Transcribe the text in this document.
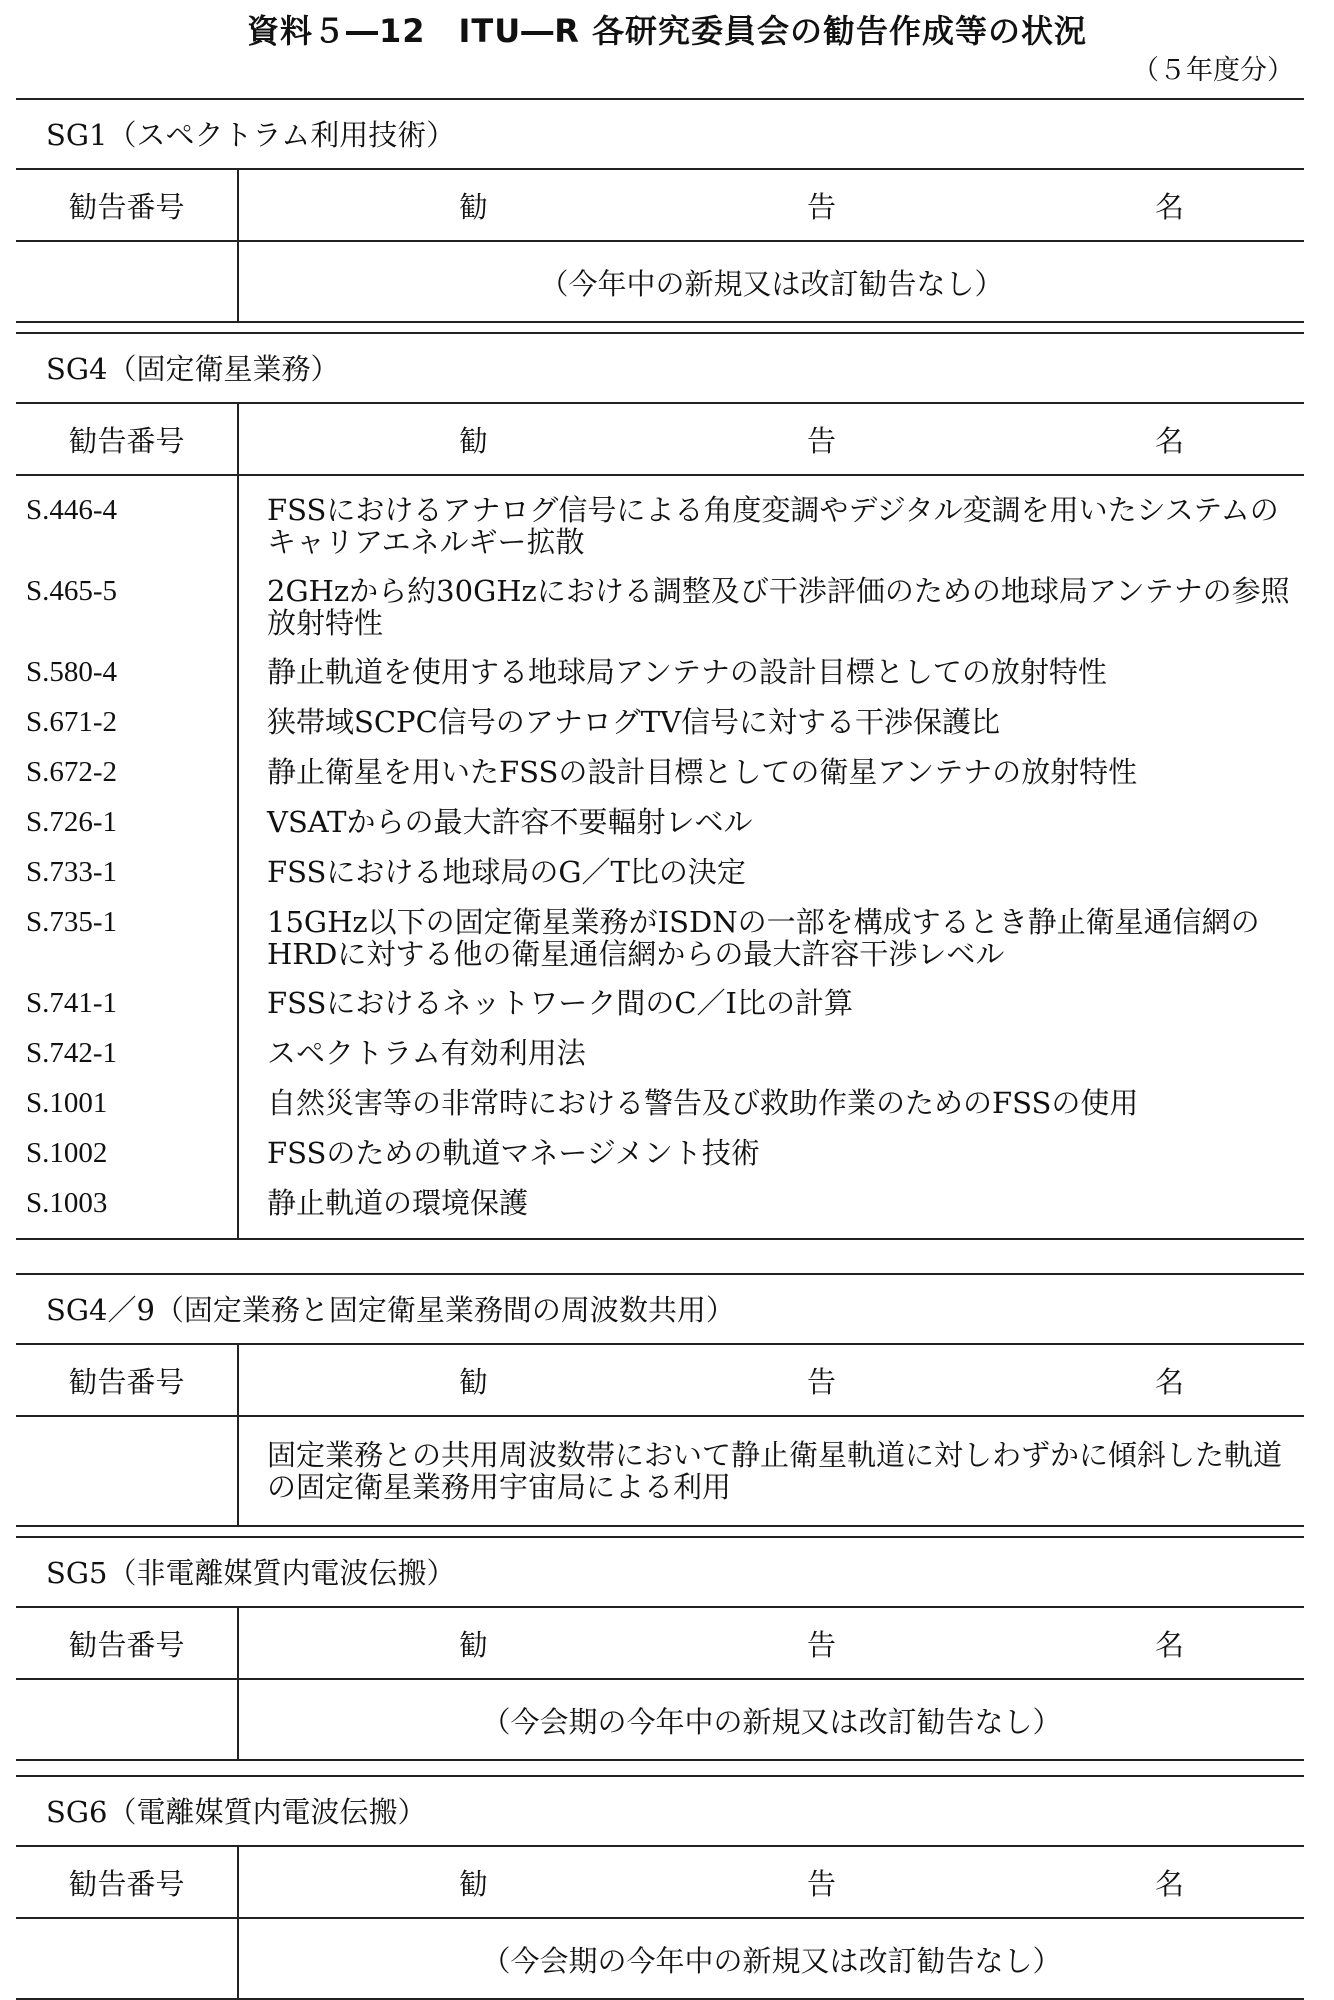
資料５―12　ITU―R 各研究委員会の勧告作成等の状況
（５年度分）
SG1（スペクトラム利用技術）
勧告番号	勧 告 名

	（今年中の新規又は改訂勧告なし）
SG4（固定衛星業務）
勧告番号	勧 告 名

S.446-4	FSSにおけるアナログ信号による角度変調やデジタル変調を用いたシステムのキャリアエネルギー拡散
S.465-5	2GHzから約30GHzにおける調整及び干渉評価のための地球局アンテナの参照放射特性
S.580-4	静止軌道を使用する地球局アンテナの設計目標としての放射特性
S.671-2	狭帯域SCPC信号のアナログTV信号に対する干渉保護比
S.672-2	静止衛星を用いたFSSの設計目標としての衛星アンテナの放射特性
S.726-1	VSATからの最大許容不要輻射レベル
S.733-1	FSSにおける地球局のG／T比の決定
S.735-1	15GHz以下の固定衛星業務がISDNの一部を構成するとき静止衛星通信網のHRDに対する他の衛星通信網からの最大許容干渉レベル
S.741-1	FSSにおけるネットワーク間のC／I比の計算
S.742-1	スペクトラム有効利用法
S.1001	自然災害等の非常時における警告及び救助作業のためのFSSの使用
S.1002	FSSのための軌道マネージメント技術
S.1003	静止軌道の環境保護
SG4／9（固定業務と固定衛星業務間の周波数共用）
勧告番号	勧 告 名

	固定業務との共用周波数帯において静止衛星軌道に対しわずかに傾斜した軌道の固定衛星業務用宇宙局による利用
SG5（非電離媒質内電波伝搬）
勧告番号	勧 告 名

	（今会期の今年中の新規又は改訂勧告なし）
SG6（電離媒質内電波伝搬）
勧告番号	勧 告 名

	（今会期の今年中の新規又は改訂勧告なし）
